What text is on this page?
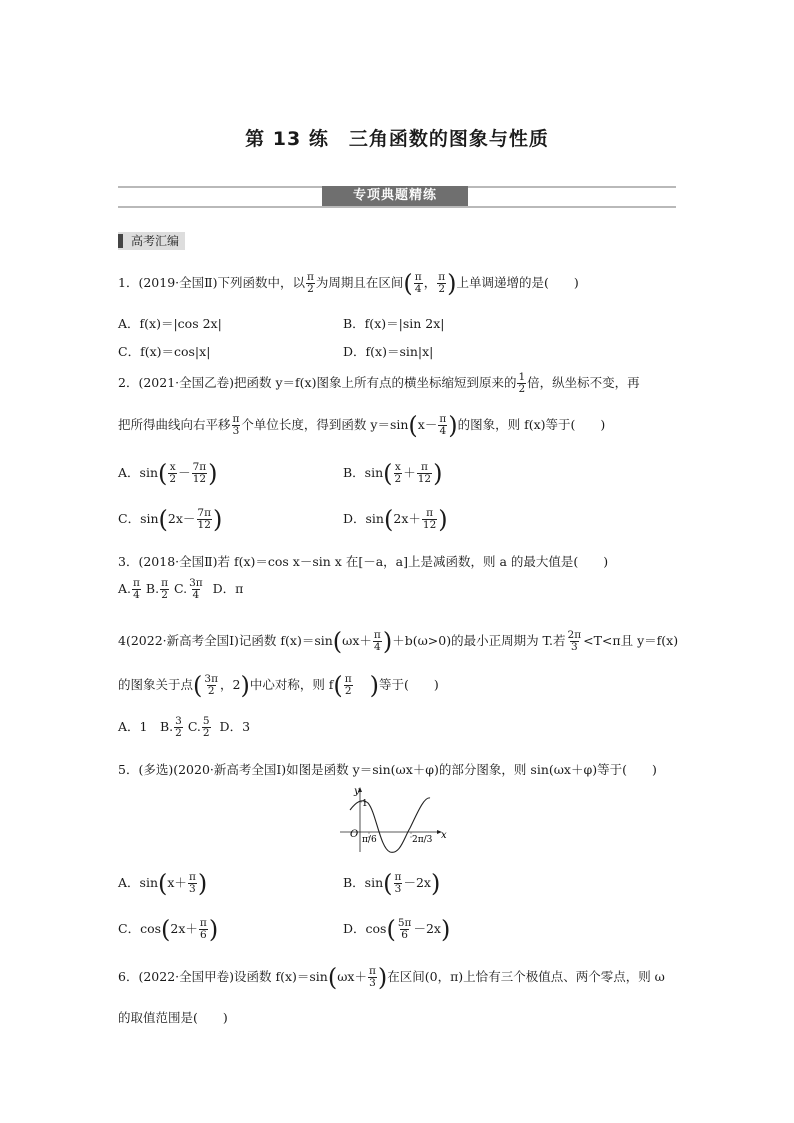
第 13 练　三角函数的图象与性质
专项典题精练
高考汇编
1．(2019·全国Ⅱ)下列函数中，以 $\frac{\pi}{2}$ 为周期且在区间( $\frac{\pi}{4}$ ， $\frac{\pi}{2}$ )上单调递增的是(　　)
A．f(x)＝|cos 2x|	B．f(x)＝|sin 2x|
C．f(x)＝cos|x|	D．f(x)＝sin|x|
2．(2021·全国乙卷)把函数 y＝f(x)图象上所有点的横坐标缩短到原来的 $\frac{1}{2}$ 倍，纵坐标不变，再
把所得曲线向右平移 $\frac{\pi}{3}$ 个单位长度，得到函数 $y=\sin(x- \frac{\pi}{4}$ )的图象，则 f(x)等于(　　)
A．$\sin( \frac{x}{2} - \frac{7\pi}{12}$ )	B．$\sin( \frac{x}{2} + \frac{\pi}{12}$ )
C．$\sin(2x- \frac{7\pi}{12}$ )	D．$\sin(2x+ \frac{\pi}{12}$ )
3．(2018·全国Ⅱ)若 f(x)＝cos x－sin x 在[－a，a]上是减函数，则 a 的最大值是(　　)
A. $\frac{\pi}{4} B$. $\frac{\pi}{2} C$. $\frac{3\pi}{4}$ D．π
4(2022·新高考全国Ⅰ)记函数 $f(x)=\sin(\omega x+ \frac{\pi}{4} )+b(\omega>0)$的最小正周期为 T.若 $\frac{2\pi}{3} <T<\pi$且 y＝f(x)
的图象关于点( $\frac{3\pi}{2}$ ，2)中心对称，则 $f( \frac{\pi}{2}$ )等于(　　)
A．1　B. $\frac{3}{2} C$. $\frac{5}{2}$ D．3
5．(多选)(2020·新高考全国Ⅰ)如图是函数 y＝sin(ωx＋φ)的部分图象，则 sin(ωx＋φ)等于(　　)
y
x
O
1
π/6	2π/3
A．$\sin(x+ \frac{\pi}{3}$ )	B．$\sin( \frac{\pi}{3} -2x)$
C．$\cos(2x+ \frac{\pi}{6}$ )	D．$\cos( \frac{5\pi}{6} -2x)$
6．(2022·全国甲卷)设函数 $f(x)=\sin(\omega x+ \frac{\pi}{3}$ )在区间(0，π)上恰有三个极值点、两个零点，则 ω
的取值范围是(　　)
